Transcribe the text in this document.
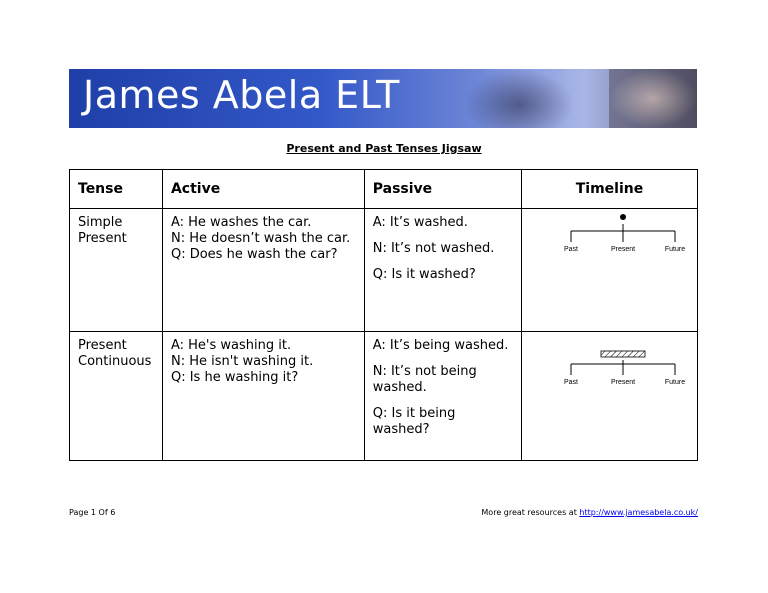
James Abela ELT
Present and Past Tenses Jigsaw
Tense	Active	Passive	Timeline

Simple
Present	A: He washes the car.
N: He doesn’t wash the car.
Q: Does he wash the car?	A: It’s washed.
N: It’s not washed.
Q: Is it washed?	Past Present Future

Present
Continuous	A: He's washing it.
N: He isn't washing it.
Q: Is he washing it?	A: It’s being washed.
N: It’s not being washed.
Q: Is it being washed?	Past Present Future
Page 1 Of 6	More great resources at http://www.jamesabela.co.uk/
